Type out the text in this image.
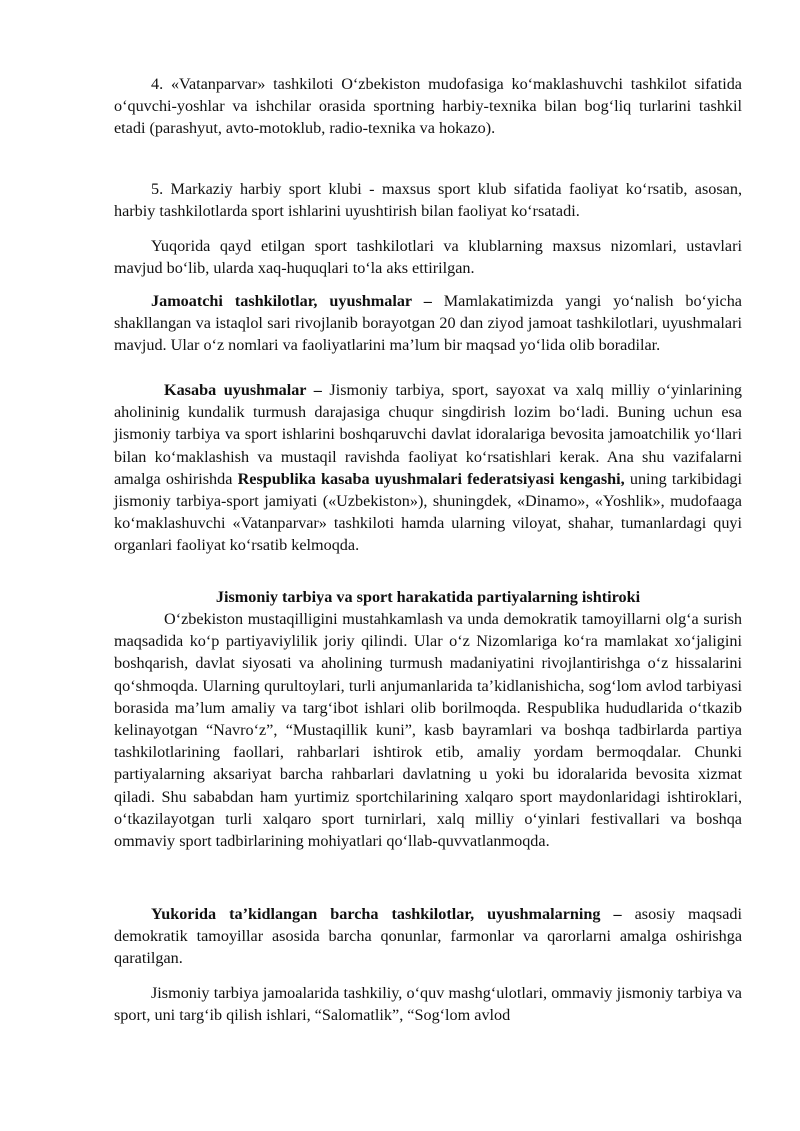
4. «Vatanparvar» tashkiloti O‘zbekiston mudofasiga ko‘maklashuvchi tashkilot sifatida o‘quvchi-yoshlar va ishchilar orasida sportning harbiy-texnika bilan bog‘liq turlarini tashkil etadi (parashyut, avto-motoklub, radio-texnika va hokazo).

5. Markaziy harbiy sport klubi - maxsus sport klub sifatida faoliyat ko‘rsatib, asosan, harbiy tashkilotlarda sport ishlarini uyushtirish bilan faoliyat ko‘rsatadi.

Yuqorida qayd etilgan sport tashkilotlari va klublarning maxsus nizomlari, ustavlari mavjud bo‘lib, ularda xaq-huquqlari to‘la aks ettirilgan.

Jamoatchi tashkilotlar, uyushmalar – Mamlakatimizda yangi yo‘nalish bo‘yicha shakllangan va istaqlol sari rivojlanib borayotgan 20 dan ziyod jamoat tashkilotlari, uyushmalari mavjud. Ular o‘z nomlari va faoliyatlarini ma’lum bir maqsad yo‘lida olib boradilar.

Kasaba uyushmalar – Jismoniy tarbiya, sport, sayoxat va xalq milliy o‘yinlarining aholininig kundalik turmush darajasiga chuqur singdirish lozim bo‘ladi. Buning uchun esa jismoniy tarbiya va sport ishlarini boshqaruvchi davlat idoralariga bevosita jamoatchilik yo‘llari bilan ko‘maklashish va mustaqil ravishda faoliyat ko‘rsatishlari kerak. Ana shu vazifalarni amalga oshirishda Respublika kasaba uyushmalari federatsiyasi kengashi, uning tarkibidagi jismoniy tarbiya-sport jamiyati («Uzbekiston»), shuningdek, «Dinamo», «Yoshlik», mudofaaga ko‘maklashuvchi «Vatanparvar» tashkiloti hamda ularning viloyat, shahar, tumanlardagi quyi organlari faoliyat ko‘rsatib kelmoqda.

Jismoniy tarbiya va sport harakatida partiyalarning ishtiroki

O‘zbekiston mustaqilligini mustahkamlash va unda demokratik tamoyillarni olg‘a surish maqsadida ko‘p partiyaviylilik joriy qilindi. Ular o‘z Nizomlariga ko‘ra mamlakat xo‘jaligini boshqarish, davlat siyosati va aholining turmush madaniyatini rivojlantirishga o‘z hissalarini qo‘shmoqda. Ularning qurultoylari, turli anjumanlarida ta’kidlanishicha, sog‘lom avlod tarbiyasi borasida ma’lum amaliy va targ‘ibot ishlari olib borilmoqda. Respublika hududlarida o‘tkazib kelinayotgan “Navro‘z”, “Mustaqillik kuni”, kasb bayramlari va boshqa tadbirlarda partiya tashkilotlarining faollari, rahbarlari ishtirok etib, amaliy yordam bermoqdalar. Chunki partiyalarning aksariyat barcha rahbarlari davlatning u yoki bu idoralarida bevosita xizmat qiladi. Shu sababdan ham yurtimiz sportchilarining xalqaro sport maydonlaridagi ishtiroklari, o‘tkazilayotgan turli xalqaro sport turnirlari, xalq milliy o‘yinlari festivallari va boshqa ommaviy sport tadbirlarining mohiyatlari qo‘llab-quvvatlanmoqda.

Yukorida ta’kidlangan barcha tashkilotlar, uyushmalarning – asosiy maqsadi demokratik tamoyillar asosida barcha qonunlar, farmonlar va qarorlarni amalga oshirishga qaratilgan.

Jismoniy tarbiya jamoalarida tashkiliy, o‘quv mashg‘ulotlari, ommaviy jismoniy tarbiya va sport, uni targ‘ib qilish ishlari, “Salomatlik”, “Sog‘lom avlod
